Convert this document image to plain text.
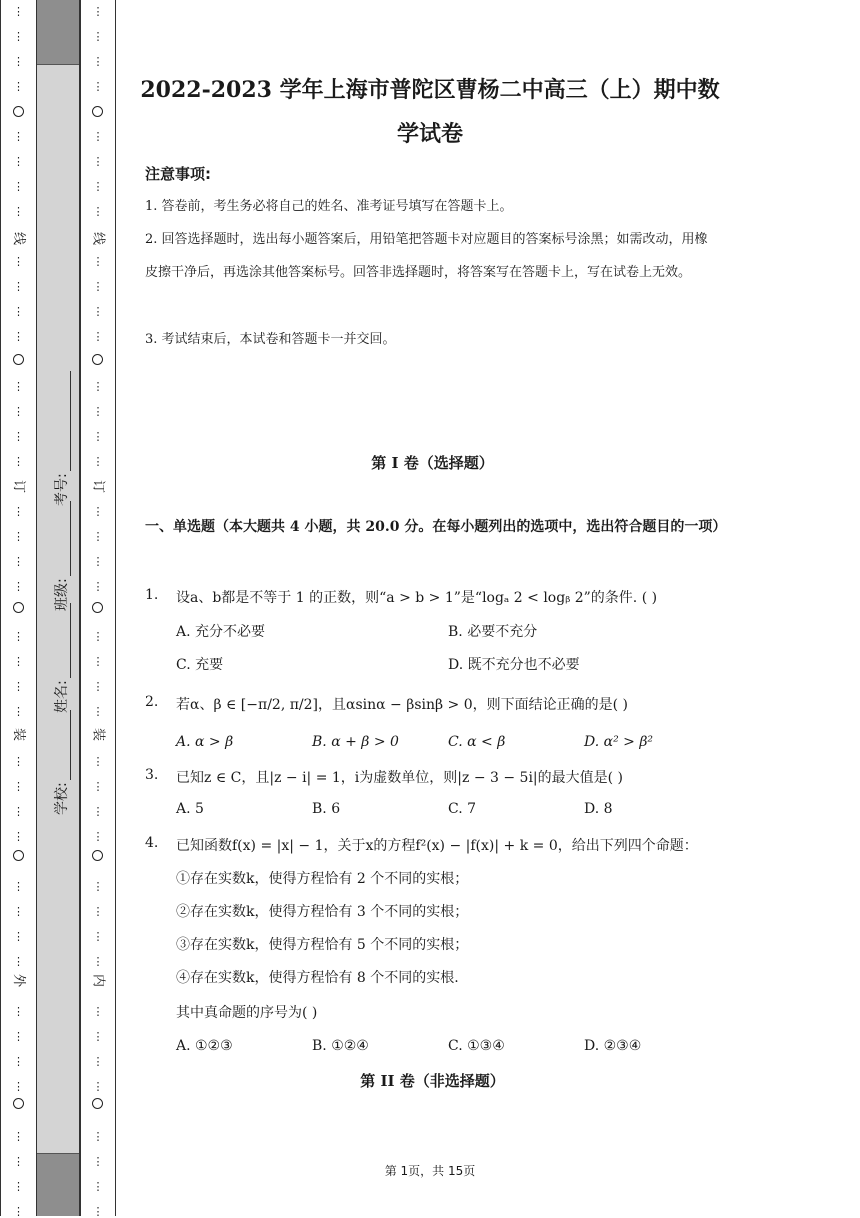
⋮
⋮
⋮
⋮
⋮
⋮
⋮
⋮
⋮
⋮
⋮
⋮
⋮
⋮
⋮
⋮
⋮
⋮
⋮
⋮
⋮
⋮
⋮
⋮
⋮
⋮
⋮
⋮
⋮
⋮
⋮
⋮
⋮
⋮
⋮
⋮
⋮
⋮
⋮
⋮
线
订
装
外
⋮
⋮
⋮
⋮
⋮
⋮
⋮
⋮
⋮
⋮
⋮
⋮
⋮
⋮
⋮
⋮
⋮
⋮
⋮
⋮
⋮
⋮
⋮
⋮
⋮
⋮
⋮
⋮
⋮
⋮
⋮
⋮
⋮
⋮
⋮
⋮
⋮
⋮
⋮
⋮
线
订
装
内
学校:
姓名:
班级:
考号:
2022-2023 学年上海市普陀区曹杨二中高三（上）期中数
学试卷
注意事项:
1. 答卷前，考生务必将自己的姓名、准考证号填写在答题卡上。
2. 回答选择题时，选出每小题答案后，用铅笔把答题卡对应题目的答案标号涂黑；如需改动，用橡皮擦干净后，再选涂其他答案标号。回答非选择题时，将答案写在答题卡上，写在试卷上无效。
3. 考试结束后，本试卷和答题卡一并交回。
第 I 卷（选择题）
一、单选题（本大题共 4 小题，共 20.0 分。在每小题列出的选项中，选出符合题目的一项）
1. 设a、b都是不等于 1 的正数，则“a > b > 1”是“logₐ 2 < logᵦ 2”的条件. ( )
A. 充分不必要	B. 必要不充分
C. 充要	D. 既不充分也不必要
2. 若α、β ∈ [−π/2, π/2]，且αsinα − βsinβ > 0，则下面结论正确的是( )
A. α > β	B. α + β > 0	C. α < β	D. α² > β²
3. 已知z ∈ C，且|z − i| = 1，i为虚数单位，则|z − 3 − 5i|的最大值是( )
A. 5	B. 6	C. 7	D. 8
4. 已知函数f(x) = |x| − 1，关于x的方程f²(x) − |f(x)| + k = 0，给出下列四个命题：
①存在实数k，使得方程恰有 2 个不同的实根；
②存在实数k，使得方程恰有 3 个不同的实根；
③存在实数k，使得方程恰有 5 个不同的实根；
④存在实数k，使得方程恰有 8 个不同的实根.
其中真命题的序号为( )
A. ①②③	B. ①②④	C. ①③④	D. ②③④
第 II 卷（非选择题）
第 1页，共 15页
